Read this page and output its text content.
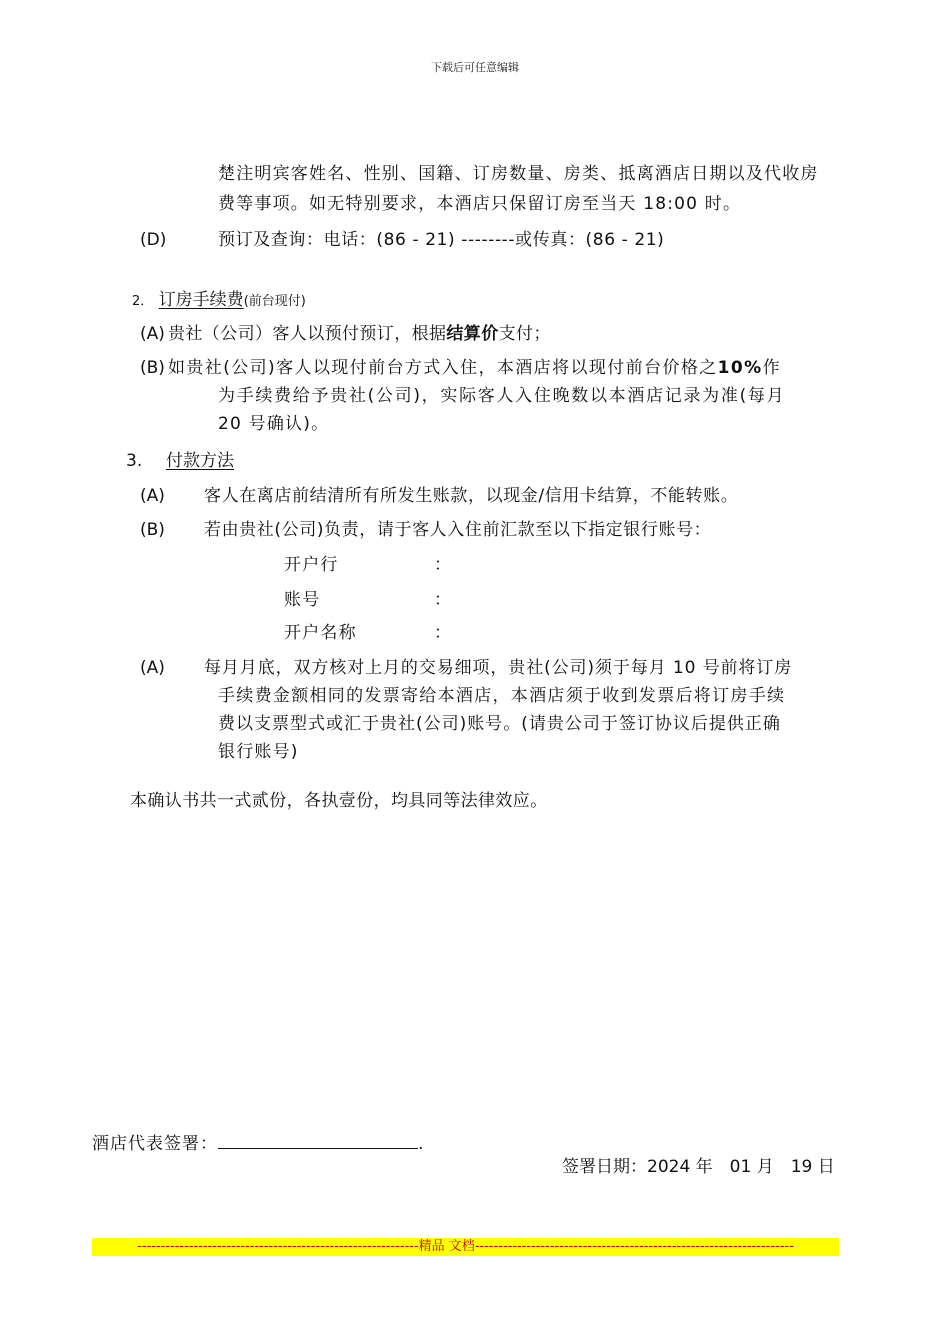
下载后可任意编辑
楚注明宾客姓名、性别、国籍、订房数量、房类、抵离酒店日期以及代收房
费等事项。如无特别要求，本酒店只保留订房至当天 18:00 时。
(D)	预订及查询：电话：(86 - 21) --------或传真：(86 - 21)
2． 订房手续费(前台现付)
(A) 贵社（公司）客人以预付预订，根据结算价支付；
(B) 如贵社(公司)客人以现付前台方式入住，本酒店将以现付前台价格之10%作
为手续费给予贵社(公司)，实际客人入住晚数以本酒店记录为准(每月
20 号确认)。
3. 付款方法
(A) 客人在离店前结清所有所发生账款，以现金/信用卡结算，不能转账。
(B) 若由贵社(公司)负责，请于客人入住前汇款至以下指定银行账号：
开户行	：
账号	：
开户名称	：
(A) 每月月底，双方核对上月的交易细项，贵社(公司)须于每月 10 号前将订房
手续费金额相同的发票寄给本酒店，本酒店须于收到发票后将订房手续
费以支票型式或汇于贵社(公司)账号。(请贵公司于签订协议后提供正确
银行账号)
本确认书共一式贰份，各执壹份，均具同等法律效应。
酒店代表签署：	.
签署日期：2024 年　01 月　19 日
------------------------------------------------------------精品 文档--------------------------------------------------------------------
